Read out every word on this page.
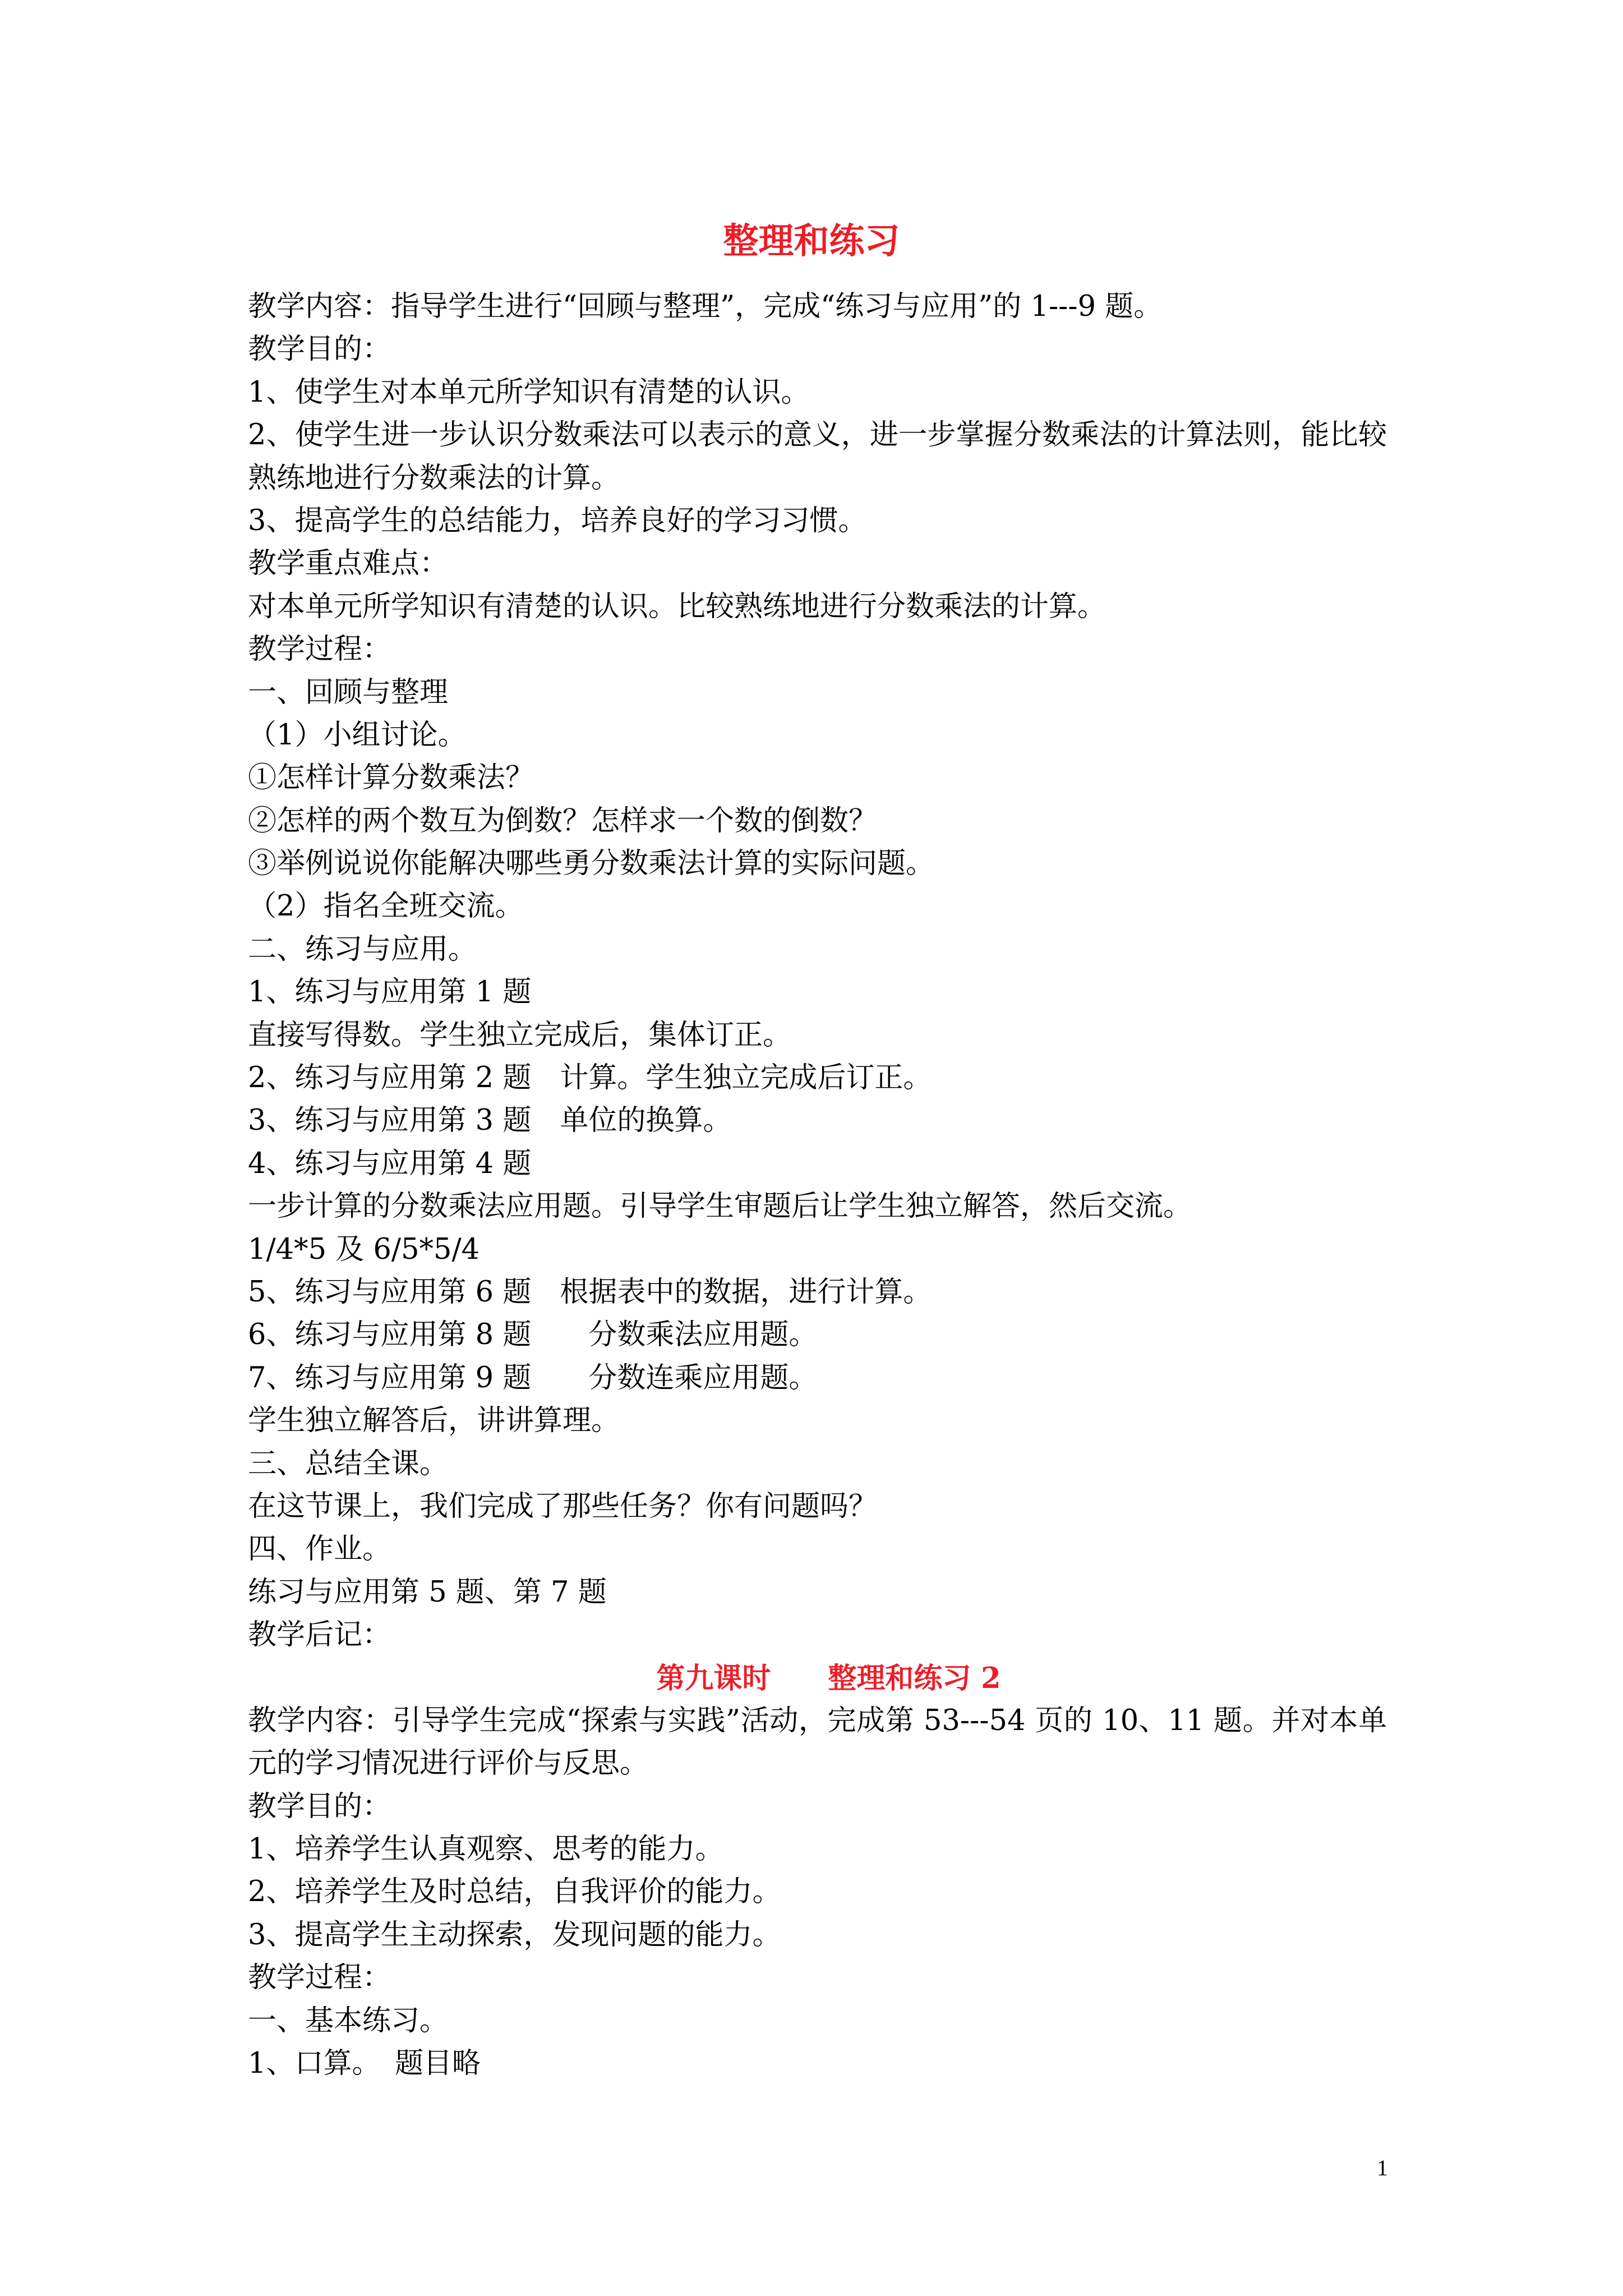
整理和练习
教学内容：指导学生进行“回顾与整理”，完成“练习与应用”的 1---9 题。
教学目的：
1、使学生对本单元所学知识有清楚的认识。
2、使学生进一步认识分数乘法可以表示的意义，进一步掌握分数乘法的计算法则，能比较
熟练地进行分数乘法的计算。
3、提高学生的总结能力，培养良好的学习习惯。
教学重点难点：
对本单元所学知识有清楚的认识。比较熟练地进行分数乘法的计算。
教学过程：
一、回顾与整理
（1）小组讨论。
①怎样计算分数乘法？
②怎样的两个数互为倒数？怎样求一个数的倒数？
③举例说说你能解决哪些勇分数乘法计算的实际问题。
（2）指名全班交流。
二、练习与应用。
1、练习与应用第 1 题
直接写得数。学生独立完成后，集体订正。
2、练习与应用第 2 题　计算。学生独立完成后订正。
3、练习与应用第 3 题　单位的换算。
4、练习与应用第 4 题
一步计算的分数乘法应用题。引导学生审题后让学生独立解答，然后交流。
1/4*5 及 6/5*5/4
5、练习与应用第 6 题　根据表中的数据，进行计算。
6、练习与应用第 8 题　　分数乘法应用题。
7、练习与应用第 9 题　　分数连乘应用题。
学生独立解答后，讲讲算理。
三、总结全课。
在这节课上，我们完成了那些任务？你有问题吗？
四、作业。
练习与应用第 5 题、第 7 题
教学后记：
第九课时　　整理和练习 2
教学内容：引导学生完成“探索与实践”活动，完成第 53---54 页的 10、11 题。并对本单
元的学习情况进行评价与反思。
教学目的：
1、培养学生认真观察、思考的能力。
2、培养学生及时总结，自我评价的能力。
3、提高学生主动探索，发现问题的能力。
教学过程：
一、基本练习。
1、口算。　题目略
1
